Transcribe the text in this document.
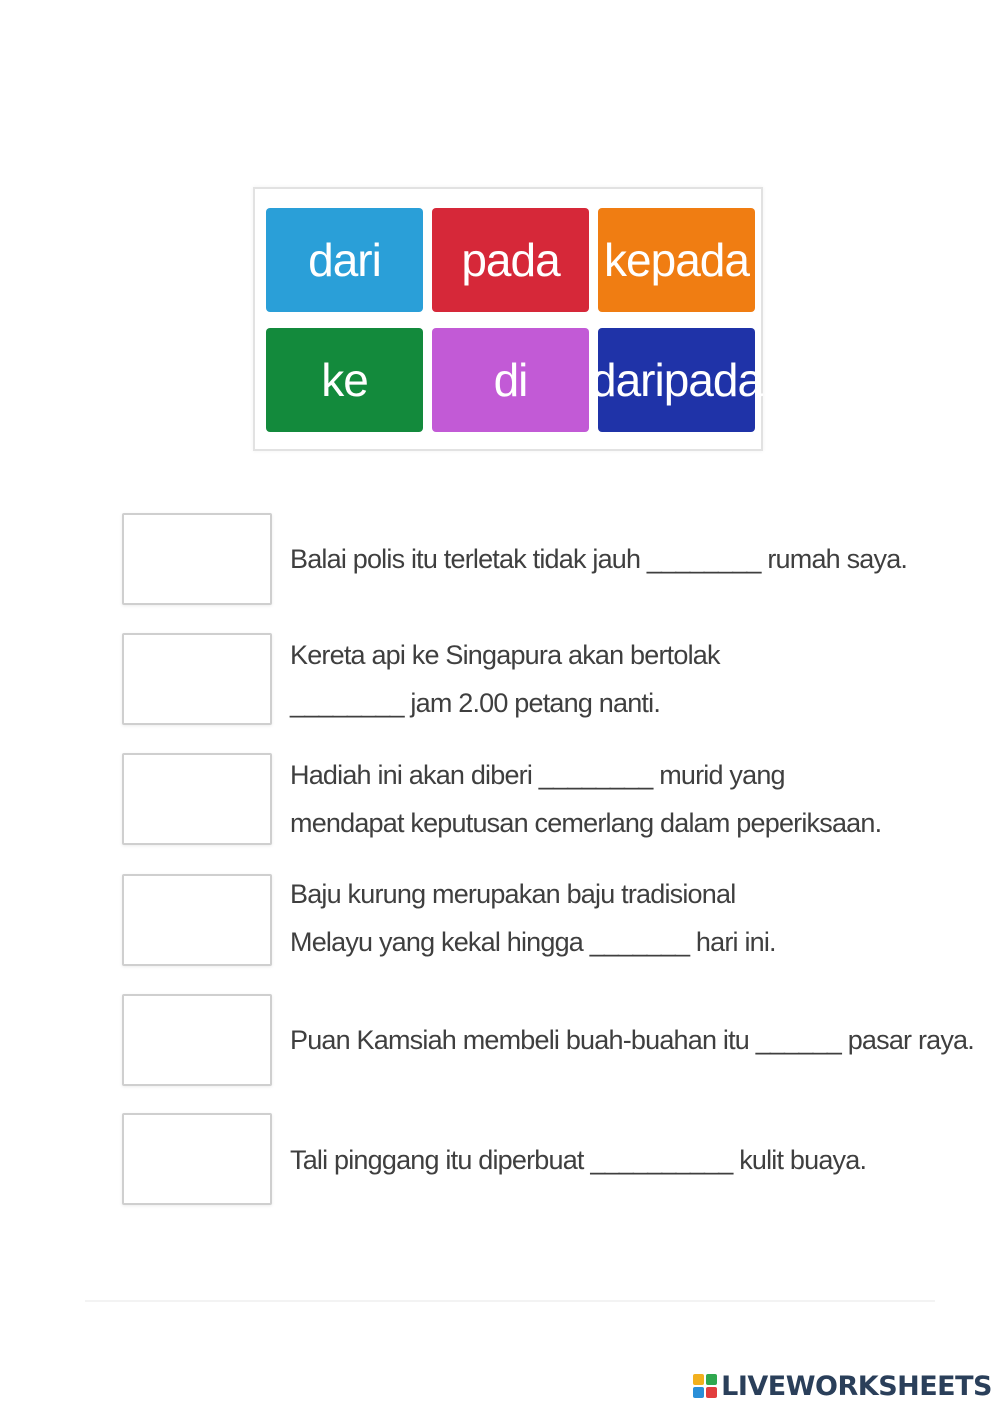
dari	pada kepada
ke	di	daripada
Balai polis itu terletak tidak jauh ________ rumah saya.
Kereta api ke Singapura akan bertolak
________ jam 2.00 petang nanti.
Hadiah ini akan diberi ________ murid yang
mendapat keputusan cemerlang dalam peperiksaan.
Baju kurung merupakan baju tradisional
Melayu yang kekal hingga _______ hari ini.
Puan Kamsiah membeli buah-buahan itu ______ pasar raya.
Tali pinggang itu diperbuat __________ kulit buaya.
LIVEWORKSHEETS
